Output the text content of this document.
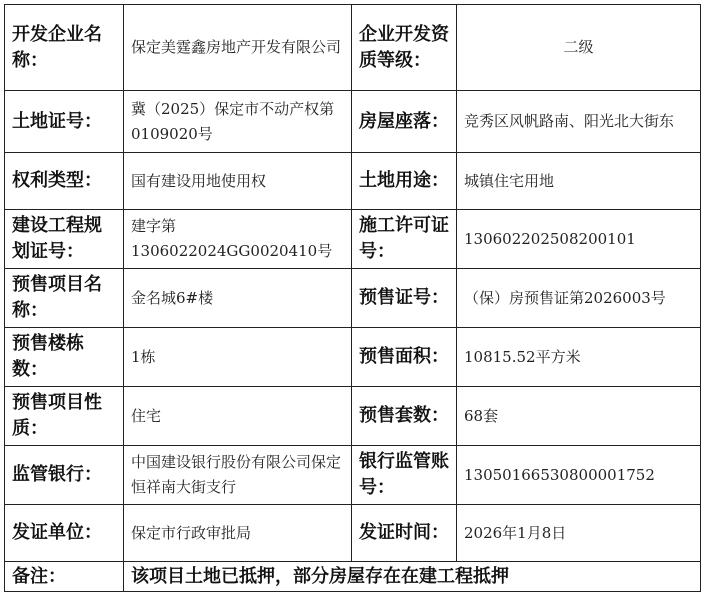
开发企业名称：	保定美霆鑫房地产开发有限公司	企业开发资质等级：	二级
土地证号：	冀（2025）保定市不动产权第0109020号	房屋座落：	竞秀区风帆路南、阳光北大街东
权利类型：	国有建设用地使用权	土地用途：	城镇住宅用地
建设工程规划证号：	建字第1306022024GG0020410号	施工许可证号：	130602202508200101
预售项目名称：	金名城6#楼	预售证号：	（保）房预售证第2026003号
预售楼栋数：	1栋	预售面积：	10815.52平方米
预售项目性质：	住宅	预售套数：	68套
监管银行：	中国建设银行股份有限公司保定恒祥南大街支行	银行监管账号：	13050166530800001752
发证单位：	保定市行政审批局	发证时间：	2026年1月8日
备注：	该项目土地已抵押，部分房屋存在在建工程抵押		
